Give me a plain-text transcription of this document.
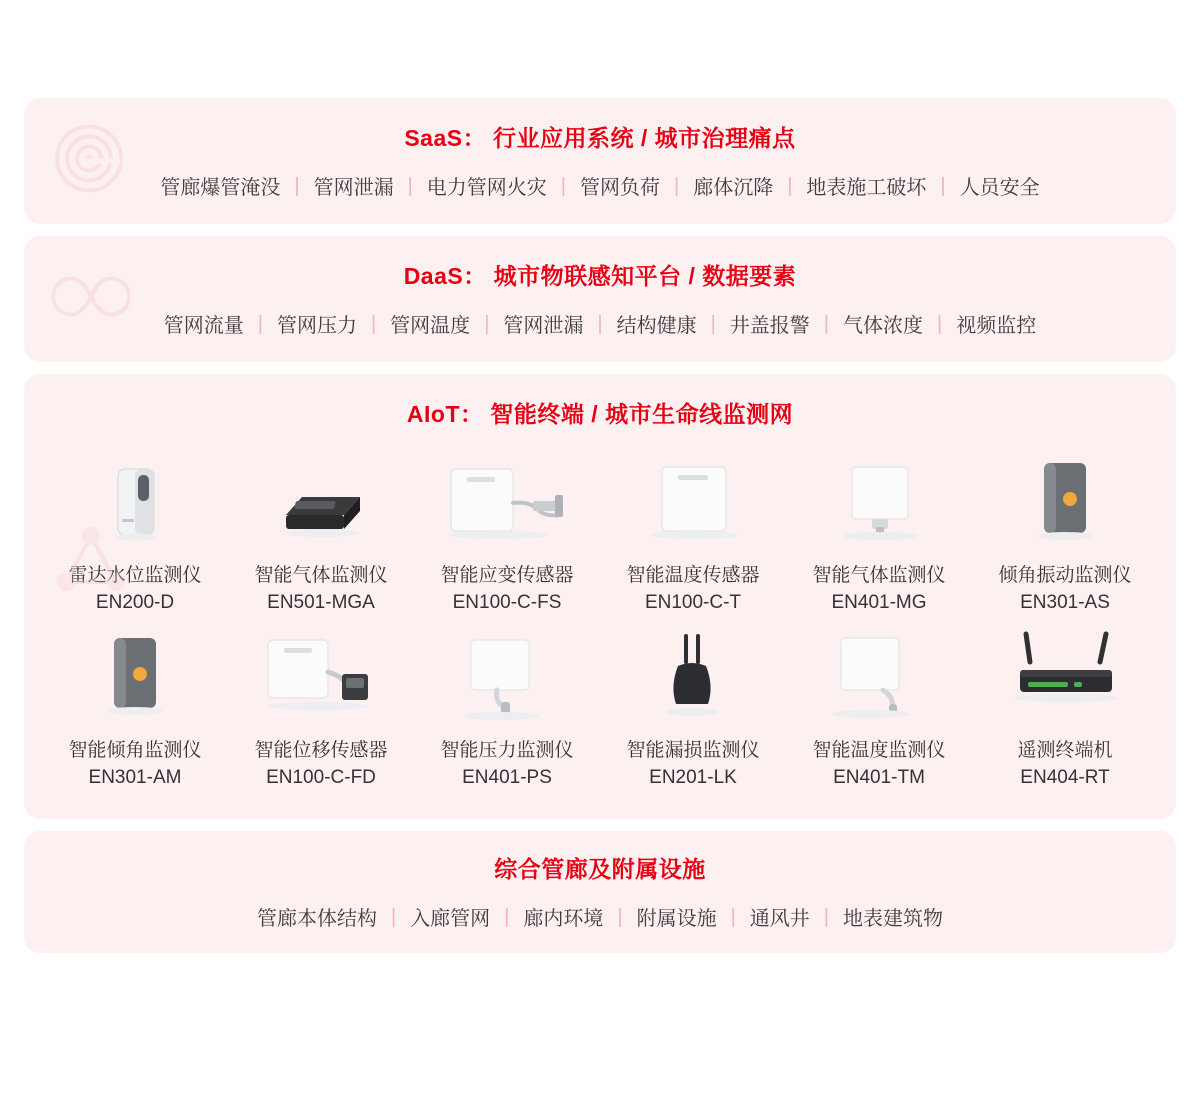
SaaS： 行业应用系统 / 城市治理痛点
管廊爆管淹没 | 管网泄漏 | 电力管网火灾 | 管网负荷 | 廊体沉降 | 地表施工破坏 | 人员安全
DaaS： 城市物联感知平台 / 数据要素
管网流量 | 管网压力 | 管网温度 | 管网泄漏 | 结构健康 | 井盖报警 | 气体浓度 | 视频监控
AIoT： 智能终端 / 城市生命线监测网
雷达水位监测仪
EN200-D
智能气体监测仪
EN501-MGA
智能应变传感器
EN100-C-FS
智能温度传感器
EN100-C-T
智能气体监测仪
EN401-MG
倾角振动监测仪
EN301-AS
智能倾角监测仪
EN301-AM
智能位移传感器
EN100-C-FD
智能压力监测仪
EN401-PS
智能漏损监测仪
EN201-LK
智能温度监测仪
EN401-TM
遥测终端机
EN404-RT
综合管廊及附属设施
管廊本体结构 | 入廊管网 | 廊内环境 | 附属设施 | 通风井 | 地表建筑物
